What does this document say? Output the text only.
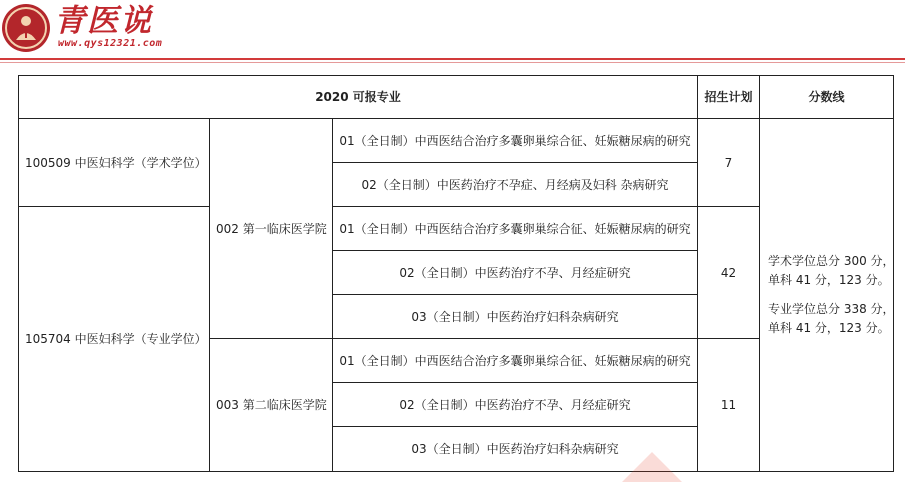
青医说
www.qys12321.com
2020 可报专业	招生计划	分数线
100509 中医妇科学（学术学位）
105704 中医妇科学（专业学位）
002 第一临床医学院
003 第二临床医学院
01（全日制）中西医结合治疗多囊卵巢综合征、妊娠糖尿病的研究
02（全日制）中医药治疗不孕症、月经病及妇科 杂病研究
01（全日制）中西医结合治疗多囊卵巢综合征、妊娠糖尿病的研究
02（全日制）中医药治疗不孕、月经症研究
03（全日制）中医药治疗妇科杂病研究
01（全日制）中西医结合治疗多囊卵巢综合征、妊娠糖尿病的研究
02（全日制）中医药治疗不孕、月经症研究
03（全日制）中医药治疗妇科杂病研究
7
42
11
学术学位总分 300 分，
单科 41 分，123 分。
专业学位总分 338 分，
单科 41 分，123 分。
